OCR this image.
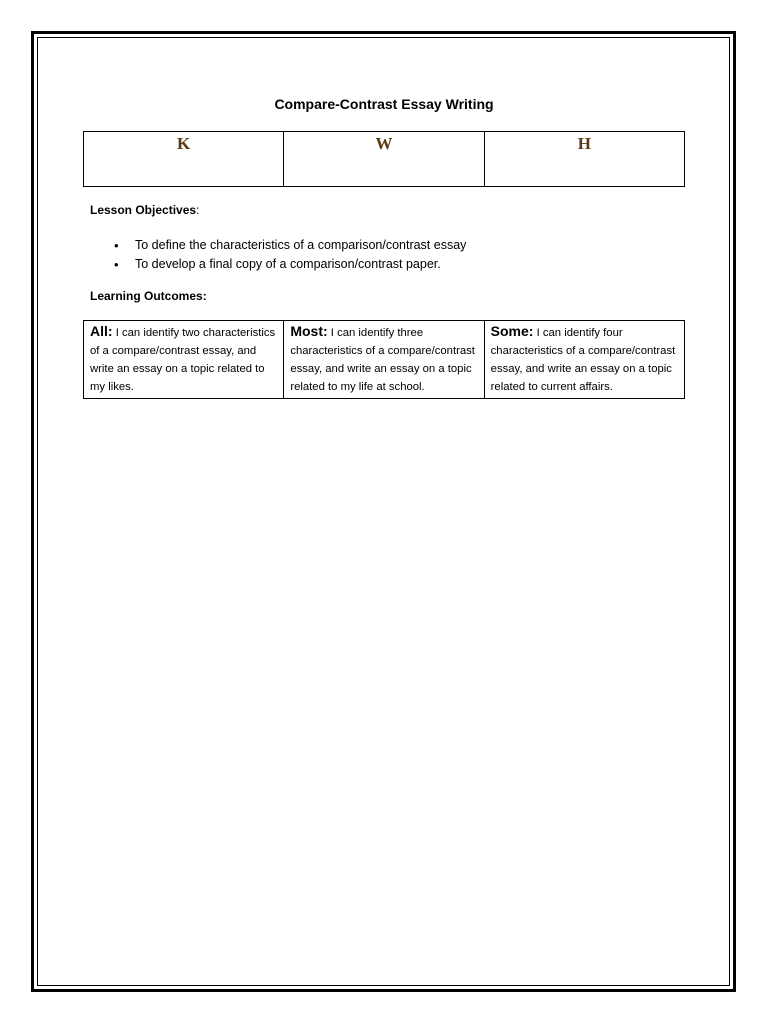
Compare-Contrast Essay Writing
K	W	H
Lesson Objectives:
• To define the characteristics of a comparison/contrast essay
• To develop a final copy of a comparison/contrast paper.
Learning Outcomes:
All: I can identify two characteristics of a compare/contrast essay, and write an essay on a topic related to my likes.	Most: I can identify three characteristics of a compare/contrast essay, and write an essay on a topic related to my life at school.	Some: I can identify four characteristics of a compare/contrast essay, and write an essay on a topic related to current affairs.
